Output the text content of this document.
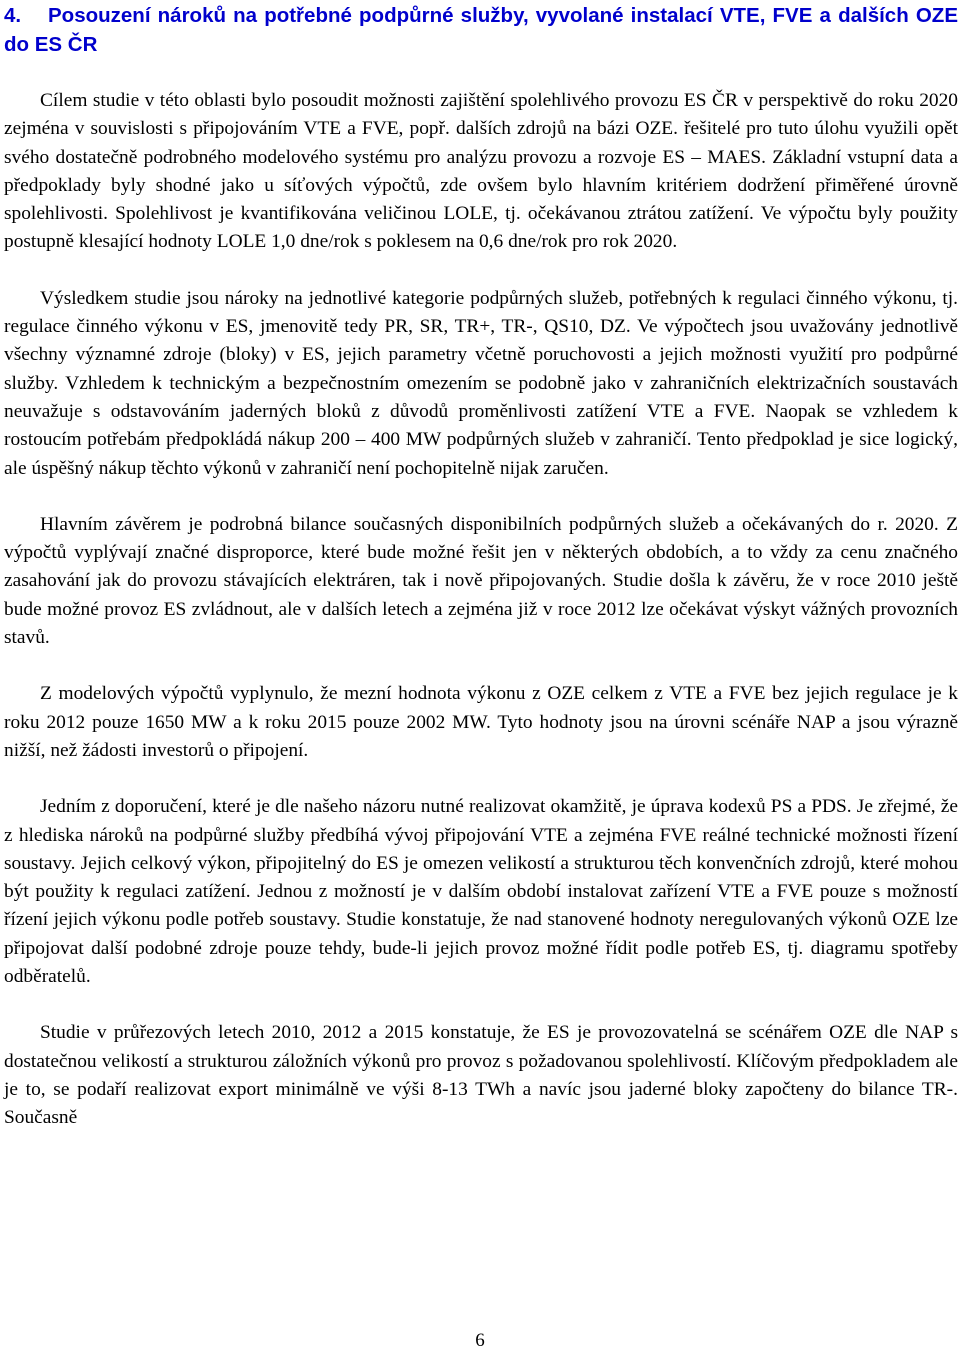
4. Posouzení nároků na potřebné podpůrné služby, vyvolané instalací VTE, FVE a dalších OZE do ES ČR

Cílem studie v této oblasti bylo posoudit možnosti zajištění spolehlivého provozu ES ČR v perspektivě do roku 2020 zejména v souvislosti s připojováním VTE a FVE, popř. dalších zdrojů na bázi OZE. řešitelé pro tuto úlohu využili opět svého dostatečně podrobného modelového systému pro analýzu provozu a rozvoje ES – MAES. Základní vstupní data a předpoklady byly shodné jako u síťových výpočtů, zde ovšem bylo hlavním kritériem dodržení přiměřené úrovně spolehlivosti. Spolehlivost je kvantifikována veličinou LOLE, tj. očekávanou ztrátou zatížení. Ve výpočtu byly použity postupně klesající hodnoty LOLE 1,0 dne/rok s poklesem na 0,6 dne/rok pro rok 2020.

Výsledkem studie jsou nároky na jednotlivé kategorie podpůrných služeb, potřebných k regulaci činného výkonu, tj. regulace činného výkonu v ES, jmenovitě tedy PR, SR, TR+, TR-, QS10, DZ. Ve výpočtech jsou uvažovány jednotlivě všechny významné zdroje (bloky) v ES, jejich parametry včetně poruchovosti a jejich možnosti využití pro podpůrné služby. Vzhledem k technickým a bezpečnostním omezením se podobně jako v zahraničních elektrizačních soustavách neuvažuje s odstavováním jaderných bloků z důvodů proměnlivosti zatížení VTE a FVE. Naopak se vzhledem k rostoucím potřebám předpokládá nákup 200 – 400 MW podpůrných služeb v zahraničí. Tento předpoklad je sice logický, ale úspěšný nákup těchto výkonů v zahraničí není pochopitelně nijak zaručen.

Hlavním závěrem je podrobná bilance současných disponibilních podpůrných služeb a očekávaných do r. 2020. Z výpočtů vyplývají značné disproporce, které bude možné řešit jen v některých obdobích, a to vždy za cenu značného zasahování jak do provozu stávajících elektráren, tak i nově připojovaných. Studie došla k závěru, že v roce 2010 ještě bude možné provoz ES zvládnout, ale v dalších letech a zejména již v roce 2012 lze očekávat výskyt vážných provozních stavů.

Z modelových výpočtů vyplynulo, že mezní hodnota výkonu z OZE celkem z VTE a FVE bez jejich regulace je k roku 2012 pouze 1650 MW a k roku 2015 pouze 2002 MW. Tyto hodnoty jsou na úrovni scénáře NAP a jsou výrazně nižší, než žádosti investorů o připojení.

Jedním z doporučení, které je dle našeho názoru nutné realizovat okamžitě, je úprava kodexů PS a PDS. Je zřejmé, že z hlediska nároků na podpůrné služby předbíhá vývoj připojování VTE a zejména FVE reálné technické možnosti řízení soustavy. Jejich celkový výkon, připojitelný do ES je omezen velikostí a strukturou těch konvenčních zdrojů, které mohou být použity k regulaci zatížení. Jednou z možností je v dalším období instalovat zařízení VTE a FVE pouze s možností řízení jejich výkonu podle potřeb soustavy. Studie konstatuje, že nad stanovené hodnoty neregulovaných výkonů OZE lze připojovat další podobné zdroje pouze tehdy, bude-li jejich provoz možné řídit podle potřeb ES, tj. diagramu spotřeby odběratelů.

Studie v průřezových letech 2010, 2012 a 2015 konstatuje, že ES je provozovatelná se scénářem OZE dle NAP s dostatečnou velikostí a strukturou záložních výkonů pro provoz s požadovanou spolehlivostí. Klíčovým předpokladem ale je to, se podaří realizovat export minimálně ve výši 8-13 TWh a navíc jsou jaderné bloky započteny do bilance TR-. Současně

6
